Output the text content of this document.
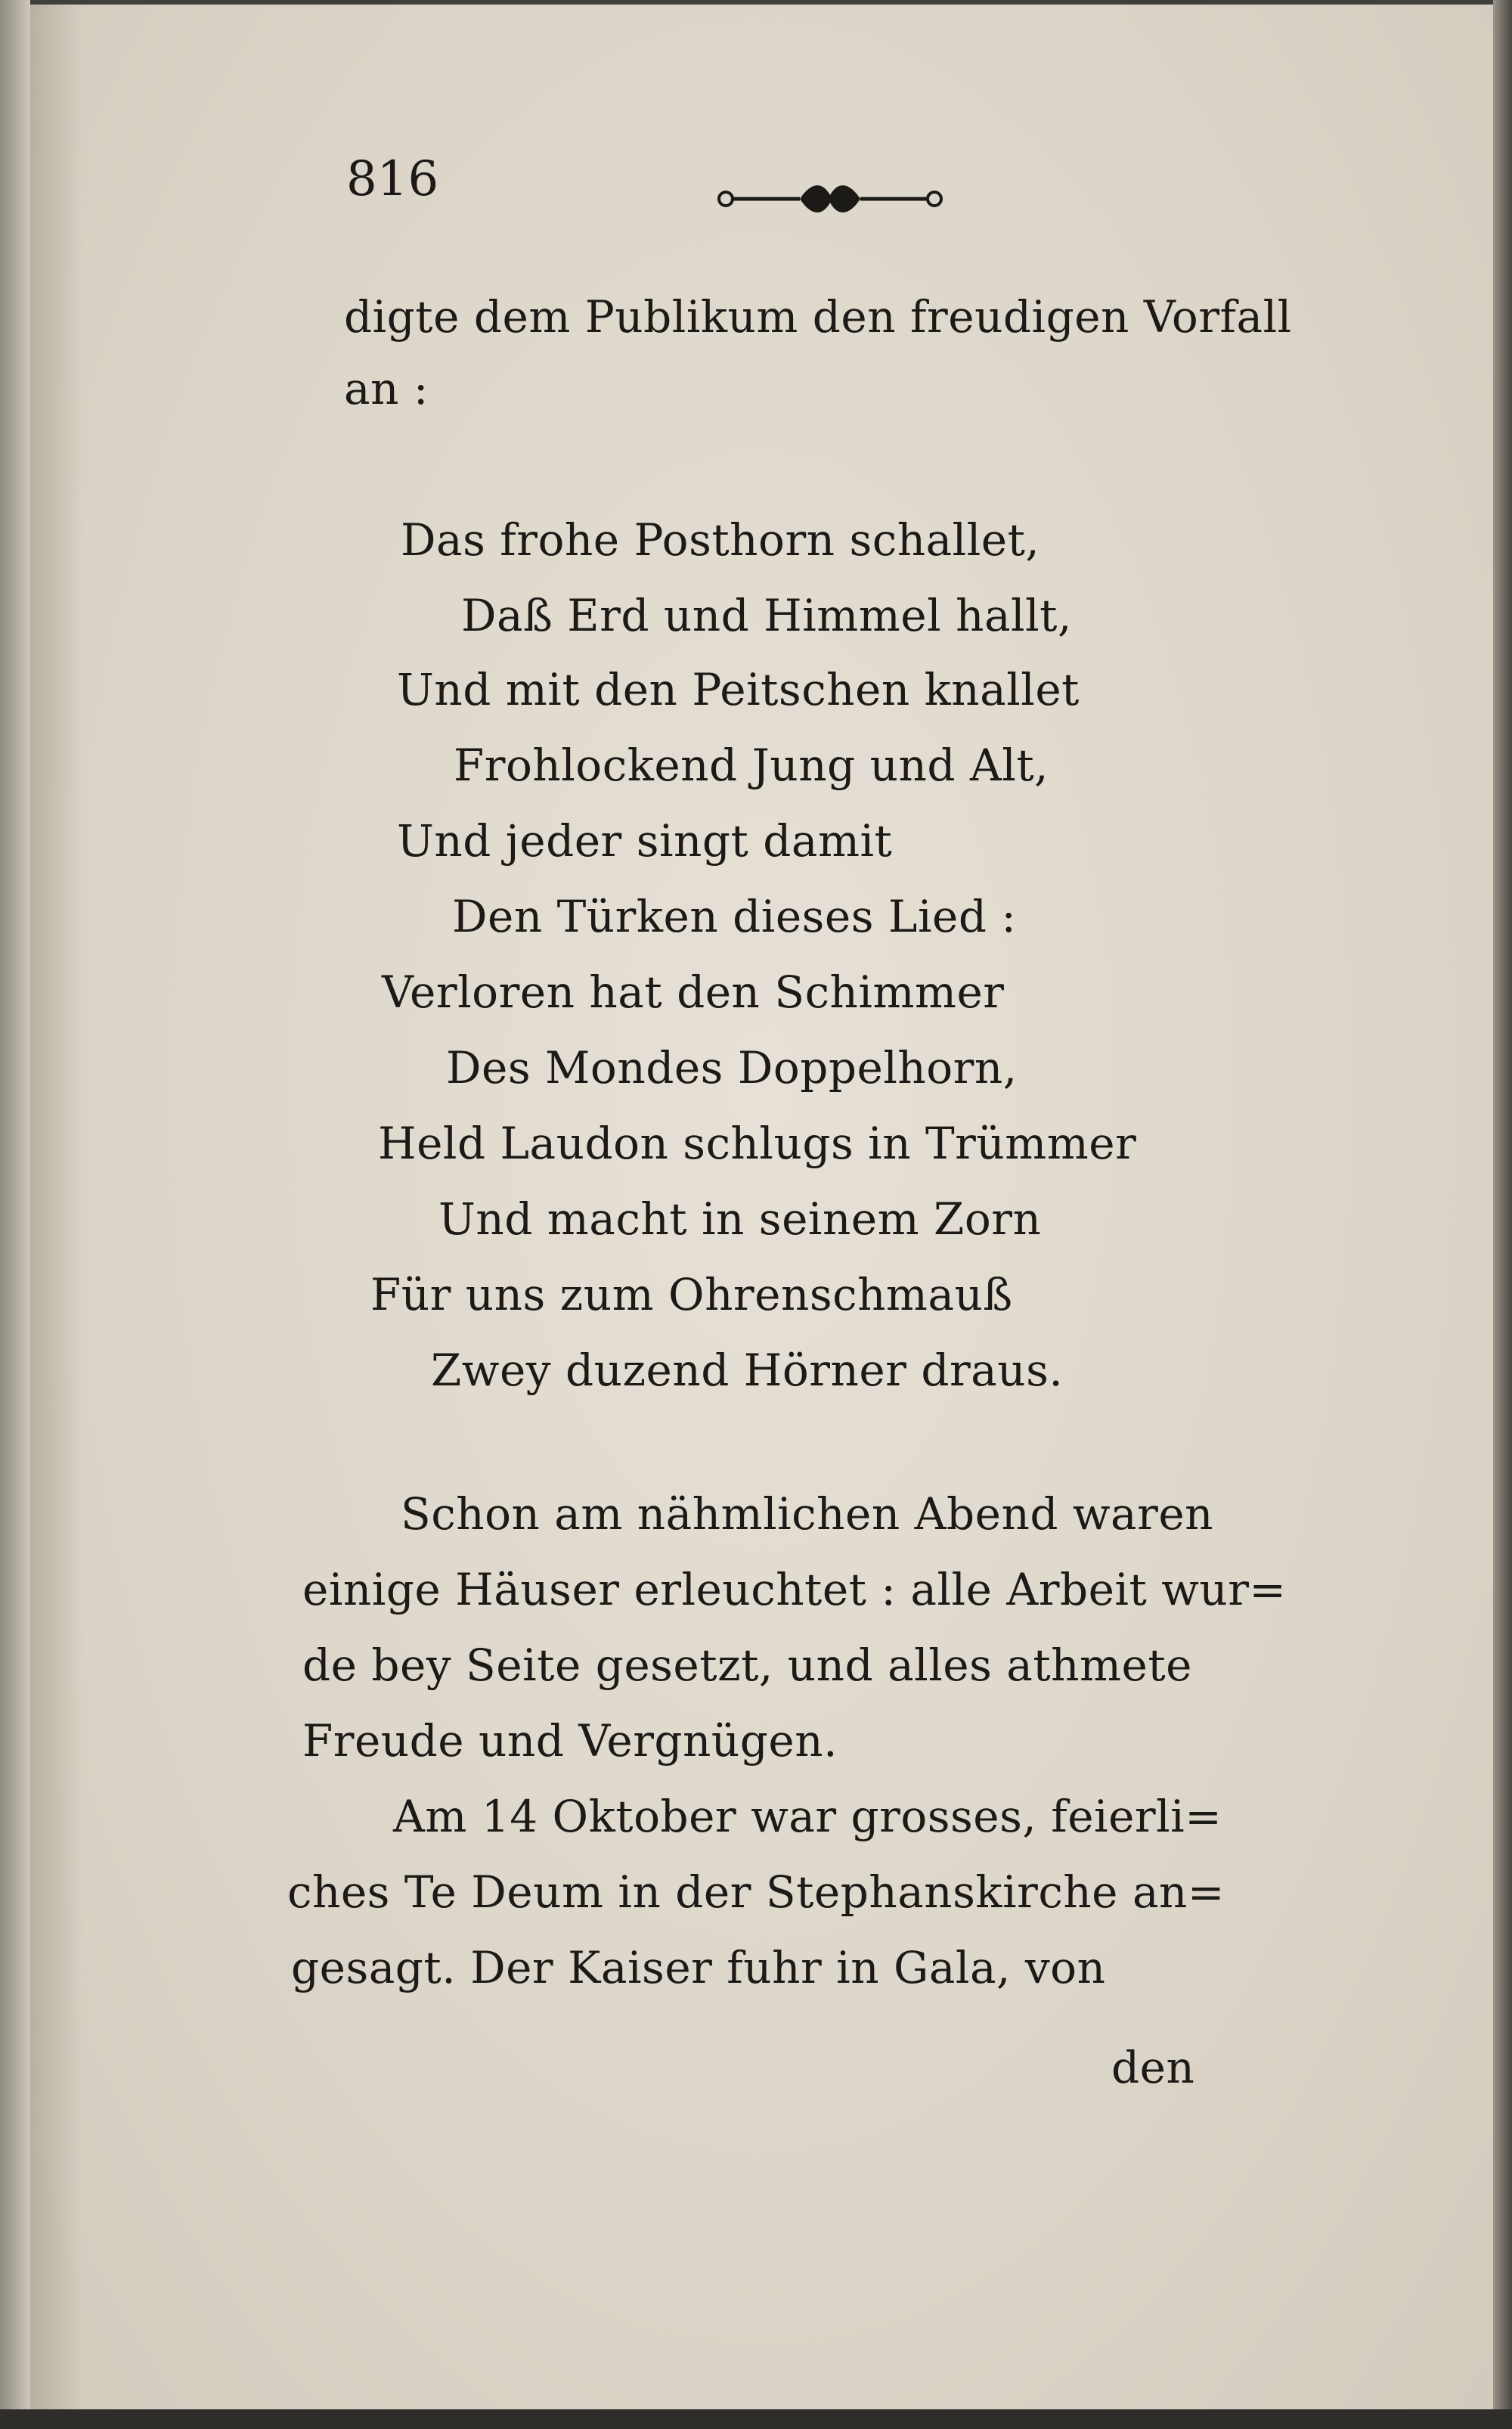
816
digte dem Publikum den freudigen Vorfall
an :
Das frohe Posthorn schallet,
Daß Erd und Himmel hallt,
Und mit den Peitschen knallet
Frohlockend Jung und Alt,
Und jeder singt damit
Den Türken dieses Lied :
Verloren hat den Schimmer
Des Mondes Doppelhorn,
Held Laudon schlugs in Trümmer
Und macht in seinem Zorn
Für uns zum Ohrenschmauß
Zwey duzend Hörner draus.
Schon am nähmlichen Abend waren
einige Häuser erleuchtet : alle Arbeit wur=
de bey Seite gesetzt, und alles athmete
Freude und Vergnügen.
Am 14 Oktober war grosses, feierli=
ches Te Deum in der Stephanskirche an=
gesagt. Der Kaiser fuhr in Gala, von
den
